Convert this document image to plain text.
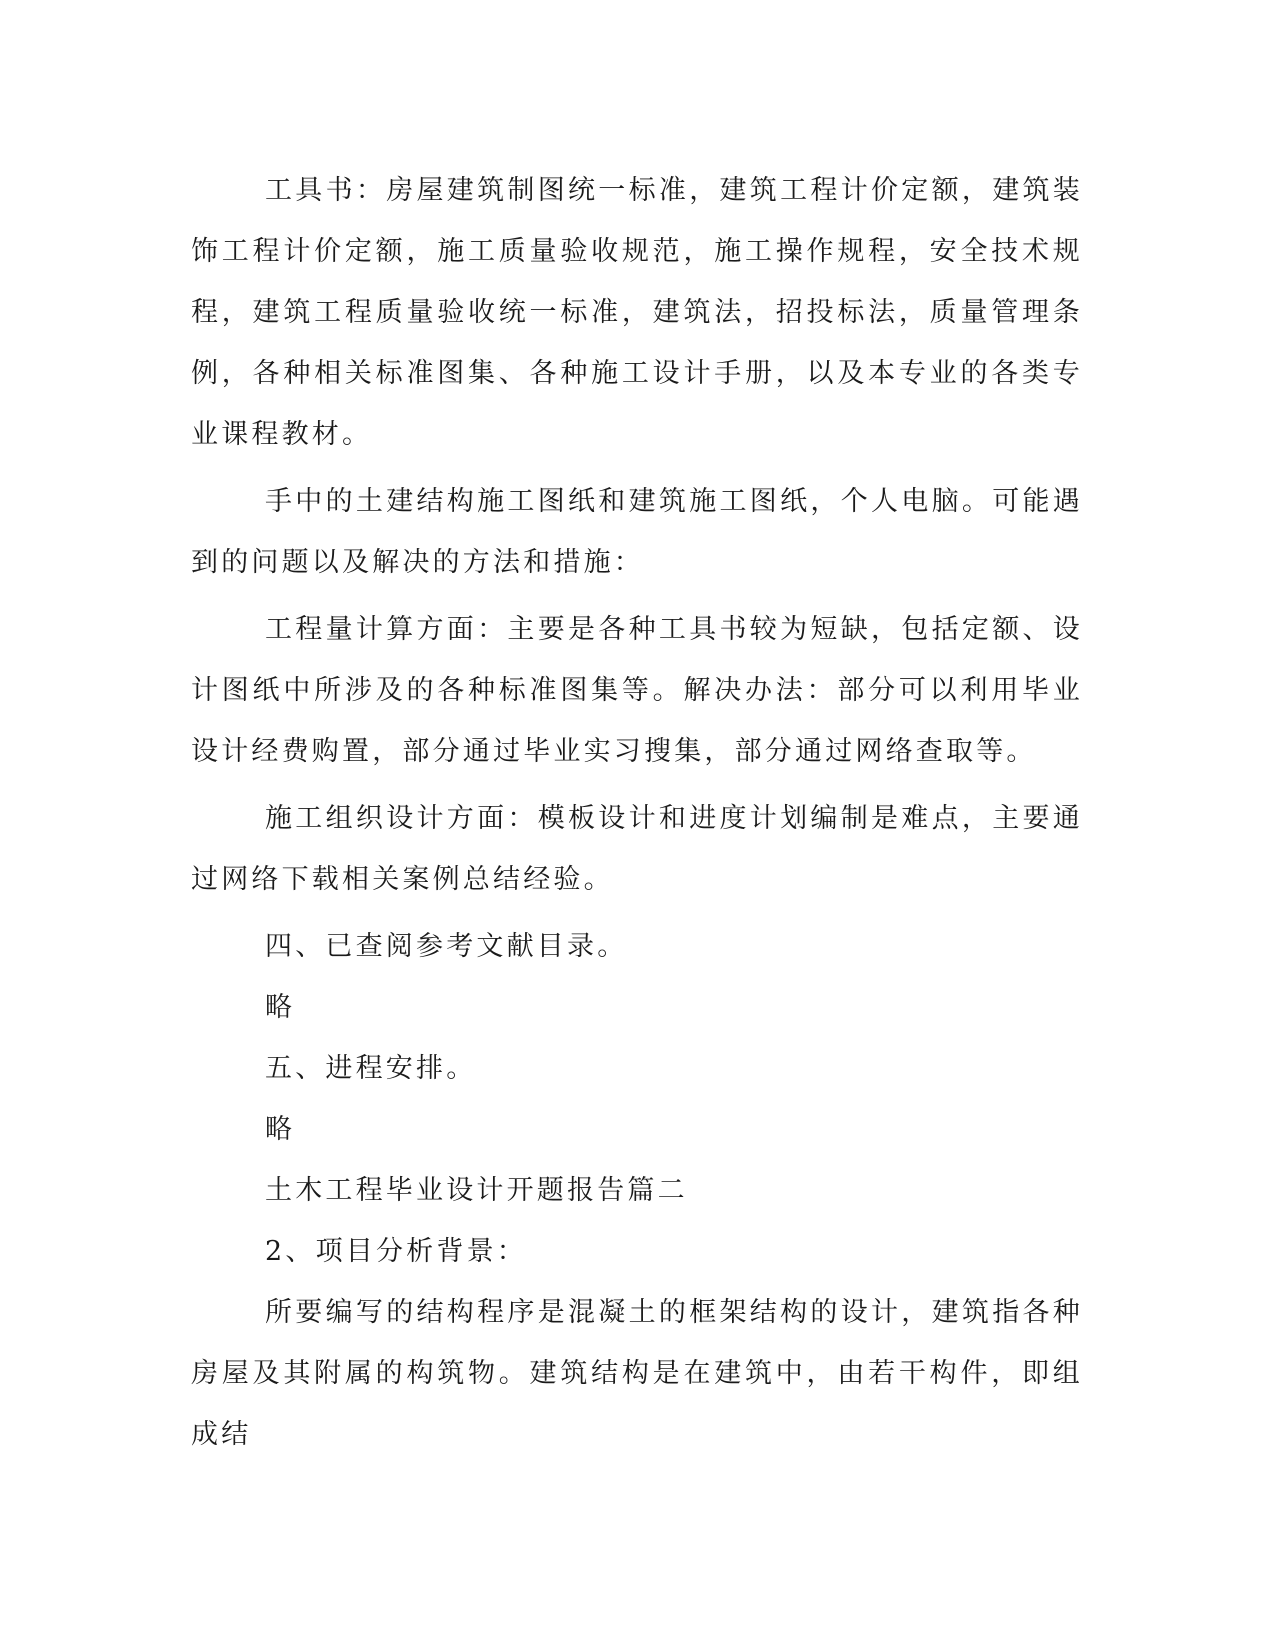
工具书：房屋建筑制图统一标准，建筑工程计价定额，建筑装饰工程计价定额，施工质量验收规范，施工操作规程，安全技术规程，建筑工程质量验收统一标准，建筑法，招投标法，质量管理条例，各种相关标准图集、各种施工设计手册，以及本专业的各类专业课程教材。

手中的土建结构施工图纸和建筑施工图纸，个人电脑。可能遇到的问题以及解决的方法和措施：

工程量计算方面：主要是各种工具书较为短缺，包括定额、设计图纸中所涉及的各种标准图集等。解决办法：部分可以利用毕业设计经费购置，部分通过毕业实习搜集，部分通过网络查取等。

施工组织设计方面：模板设计和进度计划编制是难点，主要通过网络下载相关案例总结经验。

四、已查阅参考文献目录。

略

五、进程安排。

略

土木工程毕业设计开题报告篇二

2、项目分析背景：

所要编写的结构程序是混凝土的框架结构的设计，建筑指各种房屋及其附属的构筑物。建筑结构是在建筑中，由若干构件，即组成结
